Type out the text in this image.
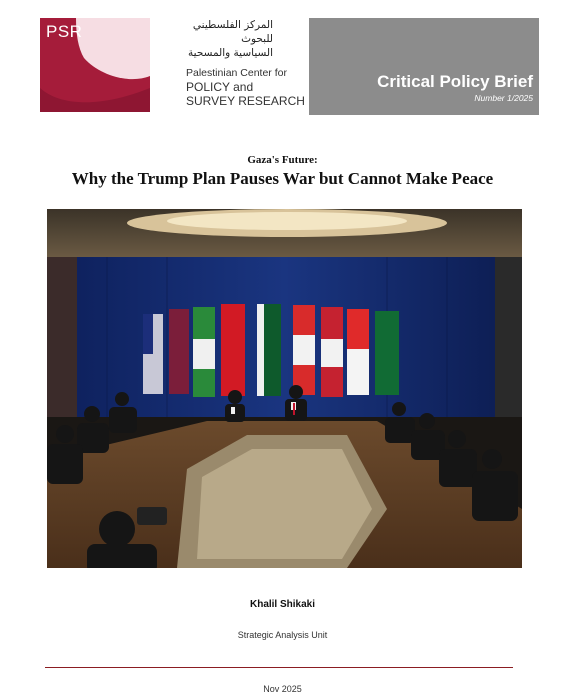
PSR	المركز الفلسطيني
للبحوث
السياسية والمسحية
Palestinian Center for
POLICY and
SURVEY RESEARCH
Critical Policy Brief
Number 1/2025
Gaza's Future:
Why the Trump Plan Pauses War but Cannot Make Peace
Khalil Shikaki
Strategic Analysis Unit
Nov 2025
